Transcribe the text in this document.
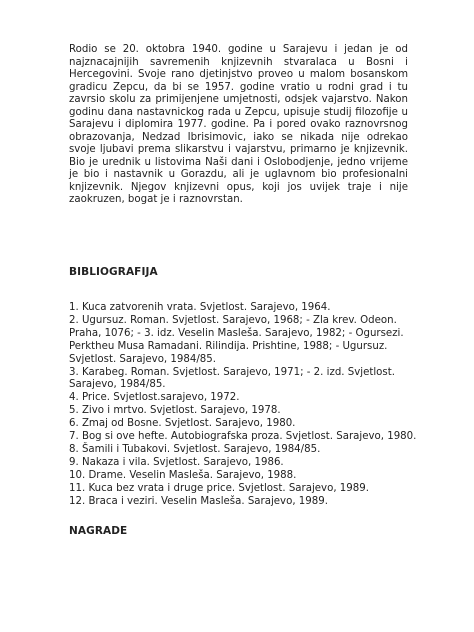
Rodio se 20. oktobra 1940. godine u Sarajevu i jedan je od najznacajnijih savremenih knjizevnih stvaralaca u Bosni i Hercegovini. Svoje rano djetinjstvo proveo u malom bosanskom gradicu Zepcu, da bi se 1957. godine vratio u rodni grad i tu zavrsio skolu za primijenjene umjetnosti, odsjek vajarstvo. Nakon godinu dana nastavnickog rada u Zepcu, upisuje studij filozofije u Sarajevu i diplomira 1977. godine. Pa i pored ovako raznovrsnog obrazovanja, Nedzad Ibrisimovic, iako se nikada nije odrekao svoje ljubavi prema slikarstvu i vajarstvu, primarno je knjizevnik. Bio je urednik u listovima Naši dani i Oslobodjenje, jedno vrijeme je bio i nastavnik u Gorazdu, ali je uglavnom bio profesionalni knjizevnik. Njegov knjizevni opus, koji jos uvijek traje i nije zaokruzen, bogat je i raznovrstan.

BIBLIOGRAFIJA
1. Kuca zatvorenih vrata. Svjetlost. Sarajevo, 1964.
2. Ugursuz. Roman. Svjetlost. Sarajevo, 1968; - Zla krev. Odeon. Praha, 1076; - 3. idz. Veselin Masleša. Sarajevo, 1982; - Ogursezi. Perktheu Musa Ramadani. Rilindija. Prishtine, 1988; - Ugursuz. Svjetlost. Sarajevo, 1984/85.
3. Karabeg. Roman. Svjetlost. Sarajevo, 1971; - 2. izd. Svjetlost. Sarajevo, 1984/85.
4. Price. Svjetlost.sarajevo, 1972.
5. Zivo i mrtvo. Svjetlost. Sarajevo, 1978.
6. Zmaj od Bosne. Svjetlost. Sarajevo, 1980.
7. Bog si ove hefte. Autobiografska proza. Svjetlost. Sarajevo, 1980.
8. Šamili i Tubakovi. Svjetlost. Sarajevo, 1984/85.
9. Nakaza i vila. Svjetlost. Sarajevo, 1986.
10. Drame. Veselin Masleša. Sarajevo, 1988.
11. Kuca bez vrata i druge price. Svjetlost. Sarajevo, 1989.
12. Braca i veziri. Veselin Masleša. Sarajevo, 1989.
NAGRADE
